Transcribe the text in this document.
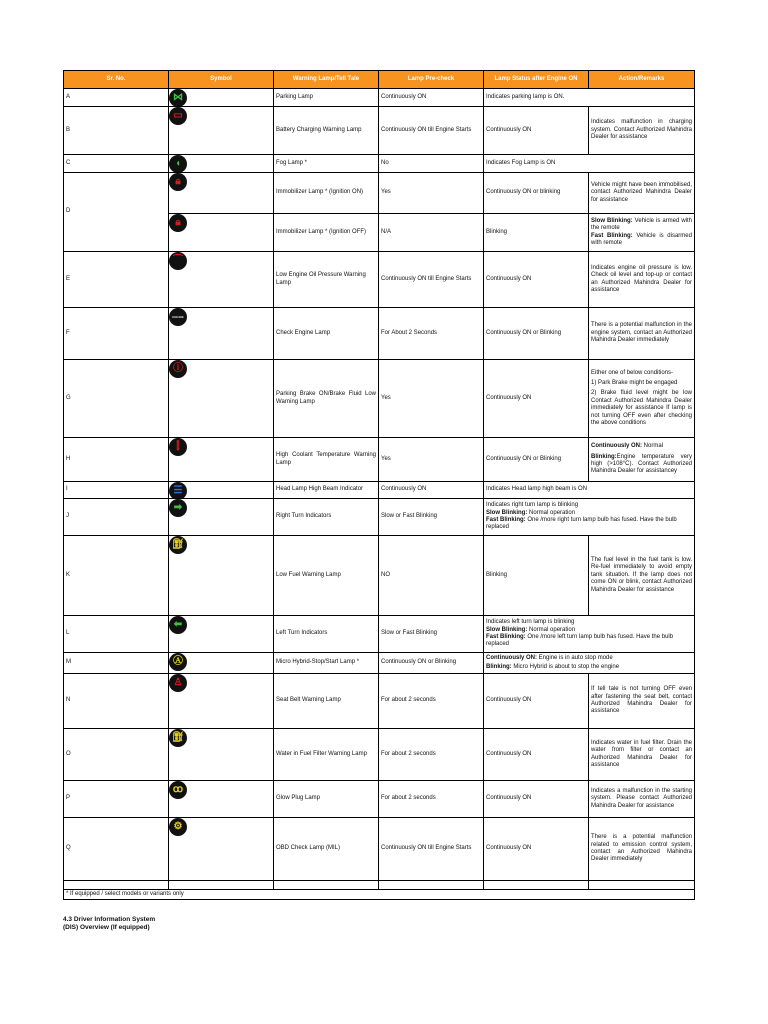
Sr. No.	Symbol	Warning Lamp/Tell Tale	Lamp Pre-check	Lamp Status after Engine ON	Action/Remarks
A	⋈	Parking Lamp	Continuously ON	Indicates parking lamp is ON.	
B	▭	Battery Charging Warning Lamp	Continuously ON till Engine Starts	Continuously ON	Indicates malfunction in charging system. Contact Authorized Mahindra Dealer for assistance
C	◖	Fog Lamp *	No	Indicates Fog Lamp is ON	
D	🔒︎	Immobilizer Lamp * (Ignition ON)	Yes	Continuously ON or blinking	Vehicle might have been immobilised, contact Authorized Mahindra Dealer for assistance

🔒︎	Immobilizer Lamp * (Ignition OFF)	N/A	Blinking	Slow Blinking: Vehicle is armed with the remote

Fast Blinking: Vehicle is disarmed with remote

E	⌒	Low Engine Oil Pressure Warning Lamp	Continuously ON till Engine Starts	Continuously ON	Indicates engine oil pressure is low. Check oil level and top-up or contact an Authorized Mahindra Dealer for assistance
F	ENGINE	Check Engine Lamp	For About 2 Seconds	Continuously ON or Blinking	There is a potential malfunction in the engine system, contact an Authorized Mahindra Dealer immediately
G	ⓘ	Parking Brake ON/Brake Fluid Low Warning Lamp	Yes	Continuously ON	Either one of below conditions-

1) Park Brake might be engaged

2) Brake fluid level might be low Contact Authorized Mahindra Dealer immediately for assistance If lamp is not turning OFF even after checking the above conditions

H	⫿	High Coolant Temperature Warning Lamp	Yes	Continuously ON or Blinking	Continuously ON: Normal

Blinking:Engine temperature very high (>108°C). Contact Authorized Mahindra Dealer for assistancey

I	☰	Head Lamp High Beam Indicator	Continuously ON	Indicates Head lamp high beam is ON	
J	➡	Right Turn Indicators	Slow or Fast Blinking	Indicates right turn lamp is blinking

Slow Blinking: Normal operation

Fast Blinking: One /more right turn lamp bulb has fused. Have the bulb replaced	

K	⛽︎	Low Fuel Warning Lamp	NO	Blinking	The fuel level in the fuel tank is low. Re-fuel immediately to avoid empty tank situation. If the lamp does not come ON or blink, contact Authorized Mahindra Dealer for assistance
L	⬅	Left Turn Indicators	Slow or Fast Blinking	Indicates left turn lamp is blinking

Slow Blinking: Normal operation

Fast Blinking: One /more left turn lamp bulb has fused. Have the bulb replaced	

M	Ⓐ	Micro Hybrid-Stop/Start Lamp *	Continuously ON or Blinking	Continuously ON: Engine is in auto stop mode

Blinking: Micro Hybrid is about to stop the engine	

N	♙	Seat Belt Warning Lamp	For about 2 seconds	Continuously ON	If tell tale is not turning OFF even after fastening the seat belt, contact Authorized Mahindra Dealer for assistance
O	⛽︎	Water in Fuel Filter Warning Lamp	For about 2 seconds	Continuously ON	Indicates water in fuel filter. Drain the water from filter or contact an Authorized Mahindra Dealer for assistance
P	ꝏ	Glow Plug Lamp	For about 2 seconds	Continuously ON	Indicates a malfunction in the starting system. Please contact Authorized Mahindra Dealer for assistance
Q	⚙	OBD Check Lamp (MIL)	Continuously ON till Engine Starts	Continuously ON	There is a potential malfunction related to emission control system, contact an Authorized Mahindra Dealer immediately

* If equipped / select models or variants only					
4.3 Driver Information System
(DIS) Overview (If equipped)
